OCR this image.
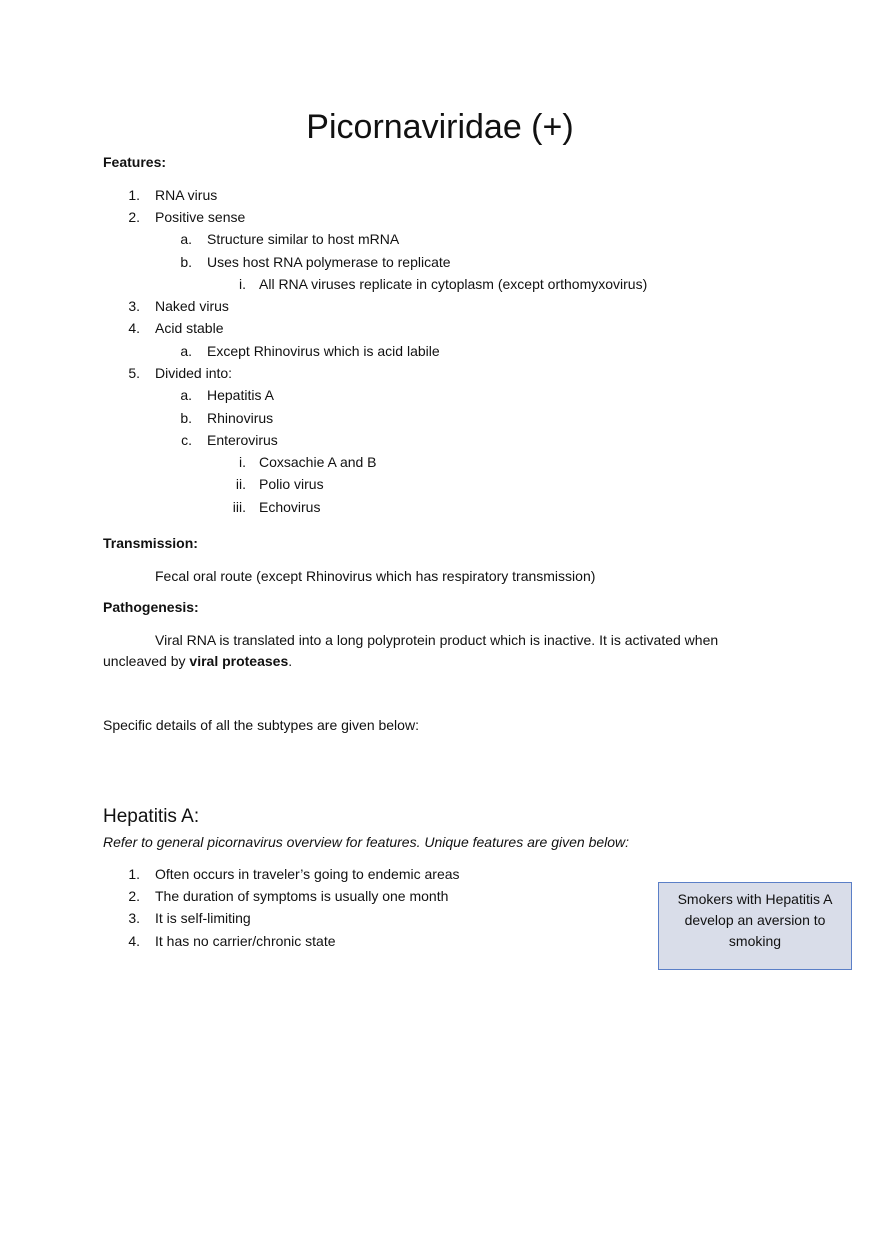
Picornaviridae (+)
Features:
1. RNA virus
2. Positive sense
a. Structure similar to host mRNA
b. Uses host RNA polymerase to replicate
i. All RNA viruses replicate in cytoplasm (except orthomyxovirus)
3. Naked virus
4. Acid stable
a. Except Rhinovirus which is acid labile
5. Divided into:
a. Hepatitis A
b. Rhinovirus
c. Enterovirus
i. Coxsachie A and B
ii. Polio virus
iii. Echovirus
Transmission:
Fecal oral route (except Rhinovirus which has respiratory transmission)
Pathogenesis:
Viral RNA is translated into a long polyprotein product which is inactive. It is activated when
uncleaved by viral proteases.
Specific details of all the subtypes are given below:
Hepatitis A:
Refer to general picornavirus overview for features. Unique features are given below:
1. Often occurs in traveler’s going to endemic areas
2. The duration of symptoms is usually one month
3. It is self-limiting
4. It has no carrier/chronic state
Smokers with Hepatitis A
develop an aversion to
smoking
